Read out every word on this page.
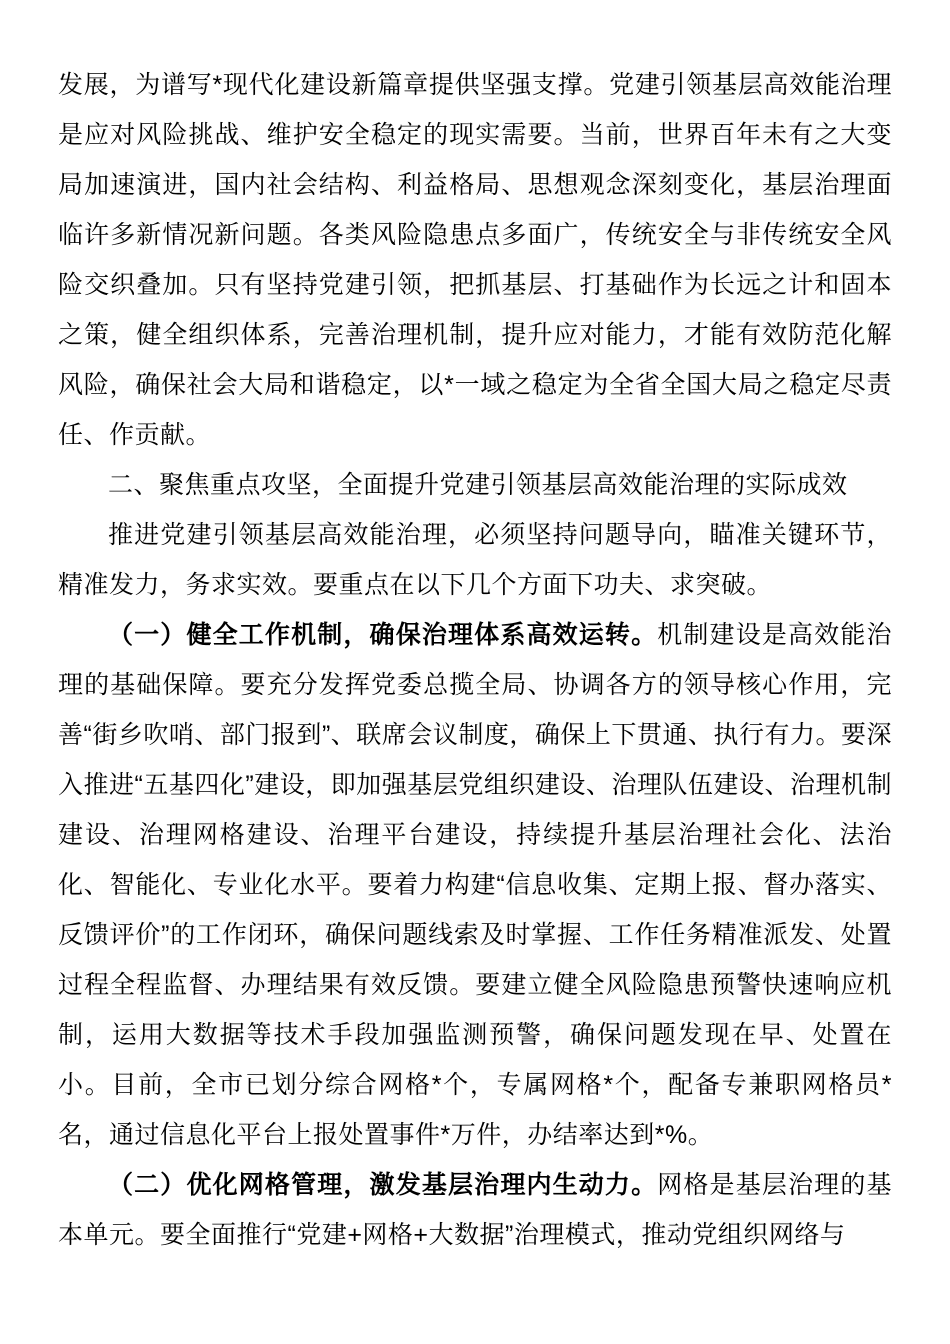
发展，为谱写*现代化建设新篇章提供坚强支撑。党建引领基层高效能治理是应对风险挑战、维护安全稳定的现实需要。当前，世界百年未有之大变局加速演进，国内社会结构、利益格局、思想观念深刻变化，基层治理面临许多新情况新问题。各类风险隐患点多面广，传统安全与非传统安全风险交织叠加。只有坚持党建引领，把抓基层、打基础作为长远之计和固本之策，健全组织体系，完善治理机制，提升应对能力，才能有效防范化解风险，确保社会大局和谐稳定，以*一域之稳定为全省全国大局之稳定尽责任、作贡献。

二、聚焦重点攻坚，全面提升党建引领基层高效能治理的实际成效

推进党建引领基层高效能治理，必须坚持问题导向，瞄准关键环节，精准发力，务求实效。要重点在以下几个方面下功夫、求突破。

（一）健全工作机制，确保治理体系高效运转。机制建设是高效能治理的基础保障。要充分发挥党委总揽全局、协调各方的领导核心作用，完善“街乡吹哨、部门报到”、联席会议制度，确保上下贯通、执行有力。要深入推进“五基四化”建设，即加强基层党组织建设、治理队伍建设、治理机制建设、治理网格建设、治理平台建设，持续提升基层治理社会化、法治化、智能化、专业化水平。要着力构建“信息收集、定期上报、督办落实、反馈评价”的工作闭环，确保问题线索及时掌握、工作任务精准派发、处置过程全程监督、办理结果有效反馈。要建立健全风险隐患预警快速响应机制，运用大数据等技术手段加强监测预警，确保问题发现在早、处置在小。目前，全市已划分综合网格*个，专属网格*个，配备专兼职网格员*名，通过信息化平台上报处置事件*万件，办结率达到*%。

（二）优化网格管理，激发基层治理内生动力。网格是基层治理的基本单元。要全面推行“党建+网格+大数据”治理模式，推动党组织网络与
